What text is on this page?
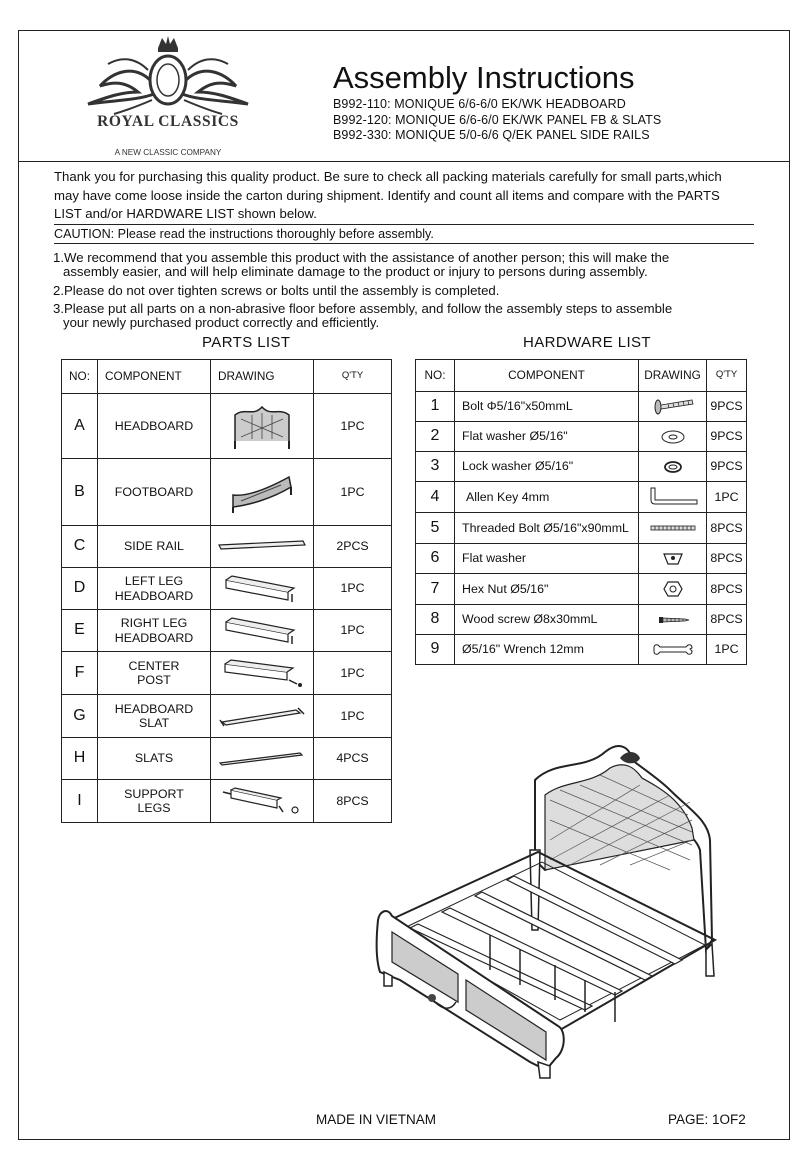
ROYAL CLASSICS
A NEW CLASSIC COMPANY
Assembly Instructions
B992-110: MONIQUE 6/6-6/0 EK/WK HEADBOARD
B992-120: MONIQUE 6/6-6/0 EK/WK PANEL FB & SLATS
B992-330: MONIQUE 5/0-6/6 Q/EK PANEL SIDE RAILS
Thank you for purchasing this quality product. Be sure to check all packing materials carefully for small parts,which
may have come loose inside the carton during shipment. Identify and count all items and compare with the PARTS
LIST and/or HARDWARE LIST shown below.
CAUTION: Please read the instructions thoroughly before assembly.
1.We recommend that you assemble this product with the assistance of another person; this will make the
assembly easier, and will help eliminate damage to the product or injury to persons during assembly.
2.Please do not over tighten screws or bolts until the assembly is completed.
3.Please put all parts on a non-abrasive floor before assembly, and follow the assembly steps to assemble
your newly purchased product correctly and efficiently.
PARTS LIST	HARDWARE LIST
NO:	COMPONENT	DRAWING	Q'TY
A	HEADBOARD		1PC
B	FOOTBOARD		1PC
C	SIDE RAIL		2PCS
D	LEFT LEG
HEADBOARD		1PC
E	RIGHT LEG
HEADBOARD		1PC
F	CENTER
POST		1PC
G	HEADBOARD
SLAT		1PC
H	SLATS		4PCS
I	SUPPORT
LEGS		8PCS
NO:	COMPONENT	DRAWING	Q'TY
1	Bolt Φ5/16"x50mmL		9PCS
2	Flat washer Ø5/16"		9PCS
3	Lock washer Ø5/16"		9PCS
4	Allen Key 4mm		1PC
5	Threaded Bolt Ø5/16"x90mmL		8PCS
6	Flat washer		8PCS
7	Hex Nut Ø5/16"		8PCS
8	Wood screw Ø8x30mmL		8PCS
9	Ø5/16" Wrench 12mm		1PC
MADE IN VIETNAM	PAGE: 1OF2
